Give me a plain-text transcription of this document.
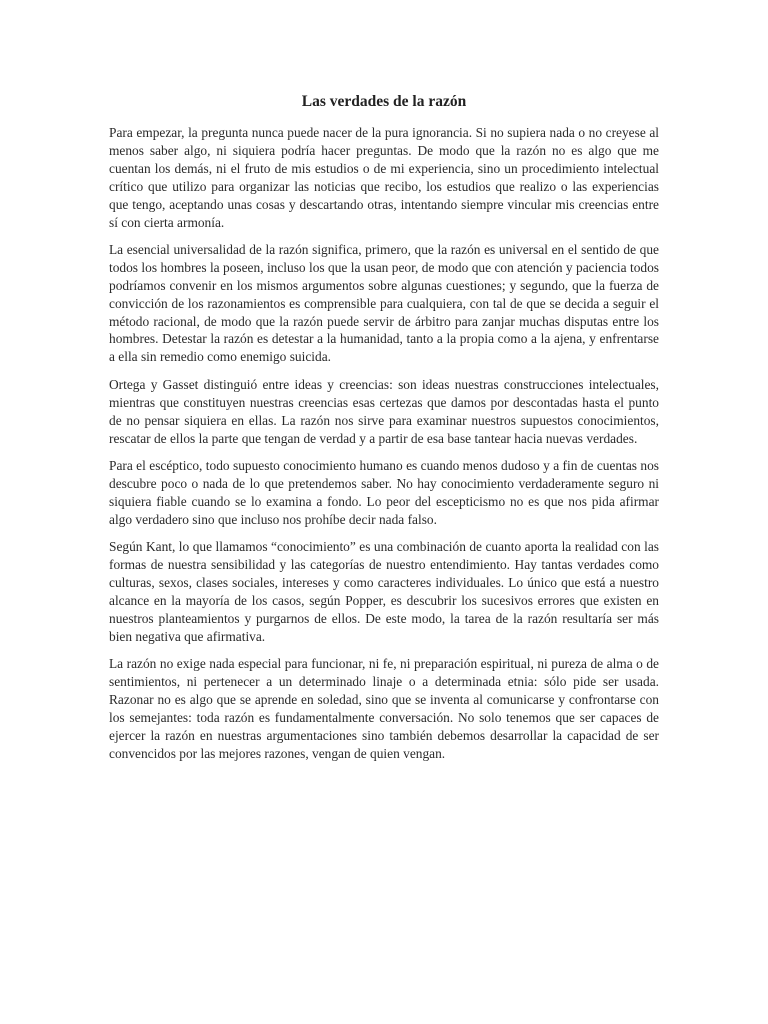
Las verdades de la razón

Para empezar, la pregunta nunca puede nacer de la pura ignorancia. Si no supiera nada o no creyese al menos saber algo, ni siquiera podría hacer preguntas. De modo que la razón no es algo que me cuentan los demás, ni el fruto de mis estudios o de mi experiencia, sino un procedimiento intelectual crítico que utilizo para organizar las noticias que recibo, los estudios que realizo o las experiencias que tengo, aceptando unas cosas y descartando otras, intentando siempre vincular mis creencias entre sí con cierta armonía.

La esencial universalidad de la razón significa, primero, que la razón es universal en el sentido de que todos los hombres la poseen, incluso los que la usan peor, de modo que con atención y paciencia todos podríamos convenir en los mismos argumentos sobre algunas cuestiones; y segundo, que la fuerza de convicción de los razonamientos es comprensible para cualquiera, con tal de que se decida a seguir el método racional, de modo que la razón puede servir de árbitro para zanjar muchas disputas entre los hombres. Detestar la razón es detestar a la humanidad, tanto a la propia como a la ajena, y enfrentarse a ella sin remedio como enemigo suicida.

Ortega y Gasset distinguió entre ideas y creencias: son ideas nuestras construcciones intelectuales, mientras que constituyen nuestras creencias esas certezas que damos por descontadas hasta el punto de no pensar siquiera en ellas. La razón nos sirve para examinar nuestros supuestos conocimientos, rescatar de ellos la parte que tengan de verdad y a partir de esa base tantear hacia nuevas verdades.

Para el escéptico, todo supuesto conocimiento humano es cuando menos dudoso y a fin de cuentas nos descubre poco o nada de lo que pretendemos saber. No hay conocimiento verdaderamente seguro ni siquiera fiable cuando se lo examina a fondo. Lo peor del escepticismo no es que nos pida afirmar algo verdadero sino que incluso nos prohíbe decir nada falso.

Según Kant, lo que llamamos “conocimiento” es una combinación de cuanto aporta la realidad con las formas de nuestra sensibilidad y las categorías de nuestro entendimiento. Hay tantas verdades como culturas, sexos, clases sociales, intereses y como caracteres individuales. Lo único que está a nuestro alcance en la mayoría de los casos, según Popper, es descubrir los sucesivos errores que existen en nuestros planteamientos y purgarnos de ellos. De este modo, la tarea de la razón resultaría ser más bien negativa que afirmativa.

La razón no exige nada especial para funcionar, ni fe, ni preparación espiritual, ni pureza de alma o de sentimientos, ni pertenecer a un determinado linaje o a determinada etnia: sólo pide ser usada. Razonar no es algo que se aprende en soledad, sino que se inventa al comunicarse y confrontarse con los semejantes: toda razón es fundamentalmente conversación. No solo tenemos que ser capaces de ejercer la razón en nuestras argumentaciones sino también debemos desarrollar la capacidad de ser convencidos por las mejores razones, vengan de quien vengan.
